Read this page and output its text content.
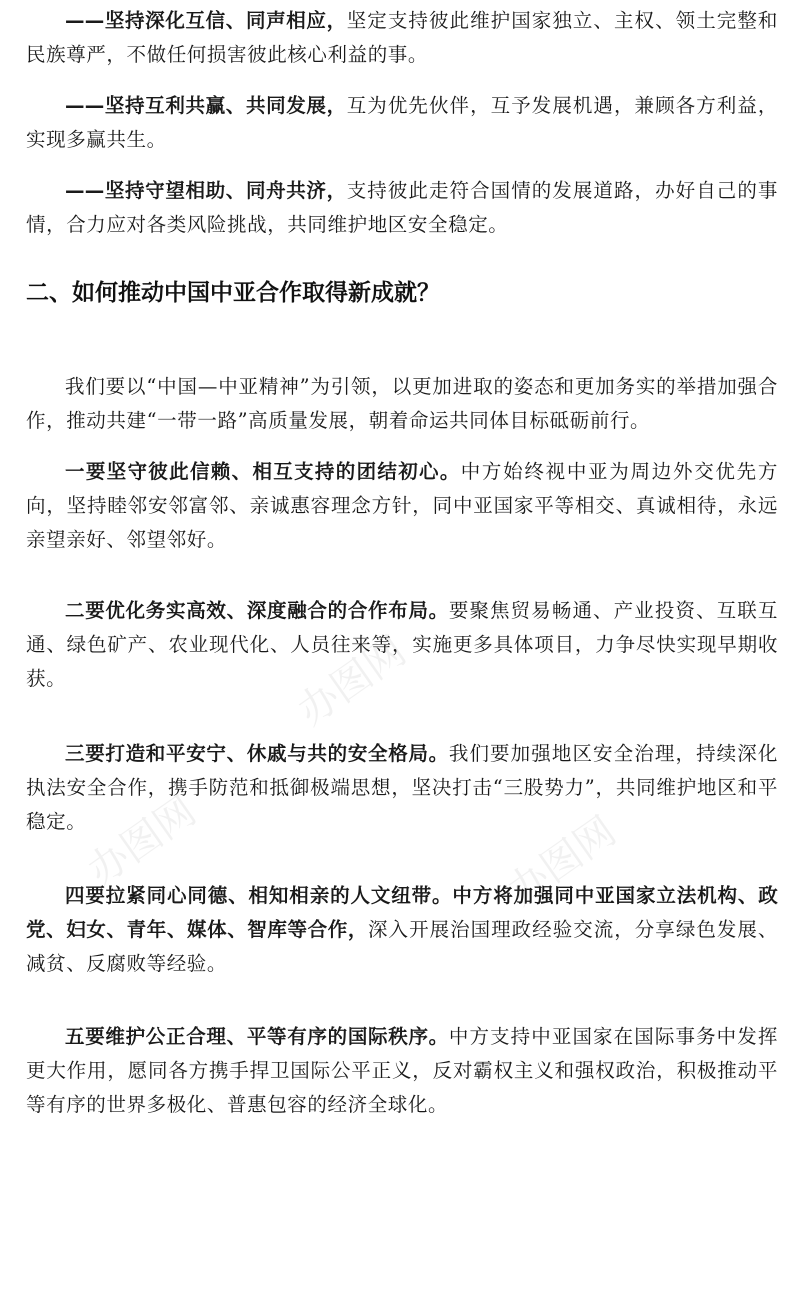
——坚持深化互信、同声相应，坚定支持彼此维护国家独立、主权、领土完整和民族尊严，不做任何损害彼此核心利益的事。

——坚持互利共赢、共同发展，互为优先伙伴，互予发展机遇，兼顾各方利益，实现多赢共生。

——坚持守望相助、同舟共济，支持彼此走符合国情的发展道路，办好自己的事情，合力应对各类风险挑战，共同维护地区安全稳定。

二、如何推动中国中亚合作取得新成就？

我们要以“中国—中亚精神”为引领，以更加进取的姿态和更加务实的举措加强合作，推动共建“一带一路”高质量发展，朝着命运共同体目标砥砺前行。

一要坚守彼此信赖、相互支持的团结初心。中方始终视中亚为周边外交优先方向，坚持睦邻安邻富邻、亲诚惠容理念方针，同中亚国家平等相交、真诚相待，永远亲望亲好、邻望邻好。

二要优化务实高效、深度融合的合作布局。要聚焦贸易畅通、产业投资、互联互通、绿色矿产、农业现代化、人员往来等，实施更多具体项目，力争尽快实现早期收获。

三要打造和平安宁、休戚与共的安全格局。我们要加强地区安全治理，持续深化执法安全合作，携手防范和抵御极端思想，坚决打击“三股势力”，共同维护地区和平稳定。

四要拉紧同心同德、相知相亲的人文纽带。中方将加强同中亚国家立法机构、政党、妇女、青年、媒体、智库等合作，深入开展治国理政经验交流，分享绿色发展、减贫、反腐败等经验。

五要维护公正合理、平等有序的国际秩序。中方支持中亚国家在国际事务中发挥更大作用，愿同各方携手捍卫国际公平正义，反对霸权主义和强权政治，积极推动平等有序的世界多极化、普惠包容的经济全球化。

办图网
办图网	办图网
